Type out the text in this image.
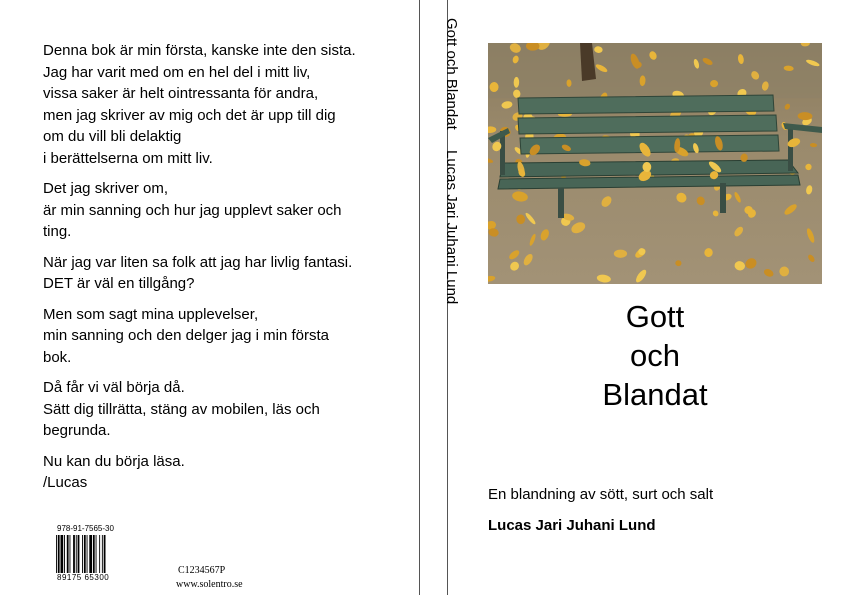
Denna bok är min första, kanske inte den sista.
Jag har varit med om en hel del i mitt liv,
vissa saker är helt ointressanta för andra,
men jag skriver av mig och det är upp till dig
om du vill bli delaktig
i berättelserna om mitt liv.

Det jag skriver om,
är min sanning och hur jag upplevt saker och
ting.

När jag var liten sa folk att jag har livlig fantasi.
DET är väl en tillgång?

Men som sagt mina upplevelser,
min sanning och den delger jag i min första
bok.

Då får vi väl börja då.
Sätt dig tillrätta, stäng av mobilen, läs och
begrunda.

Nu kan du börja läsa.
/Lucas

978-91-7565-30
89175 65300
C1234567P
www.solentro.se
Gott och Blandat
Lucas Jari Juhani Lund
Gott
och
Blandat
En blandning av sött, surt och salt
Lucas Jari Juhani Lund
